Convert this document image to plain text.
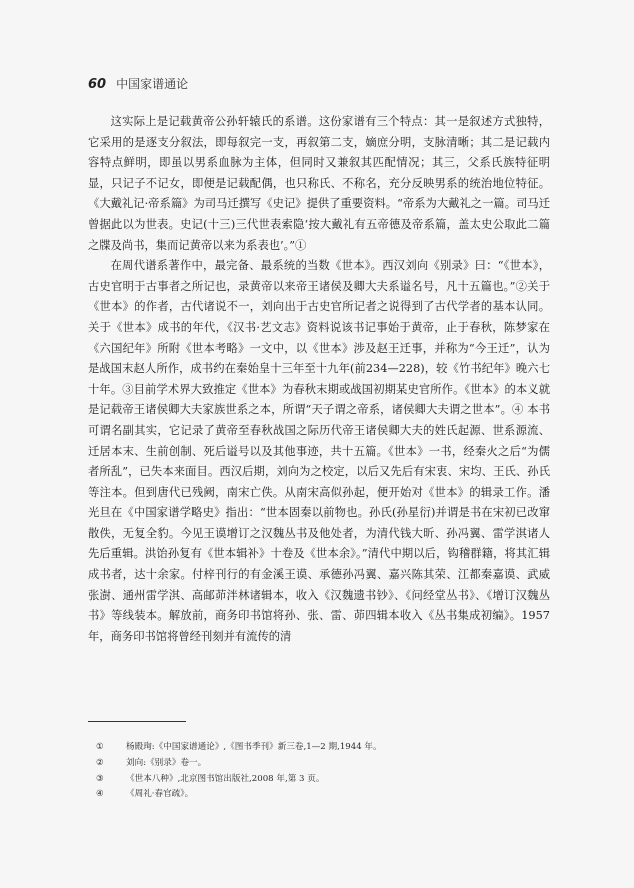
60 中国家谱通论

这实际上是记载黄帝公孙轩辕氏的系谱。这份家谱有三个特点：其一是叙述方式独特，它采用的是逐支分叙法，即每叙完一支，再叙第二支，嫡庶分明，支脉清晰；其二是记载内容特点鲜明，即虽以男系血脉为主体，但同时又兼叙其匹配情况；其三，父系氏族特征明显，只记子不记女，即便是记载配偶，也只称氏、不称名，充分反映男系的统治地位特征。《大戴礼记·帝系篇》为司马迁撰写《史记》提供了重要资料。“帝系为大戴礼之一篇。司马迁曾据此以为世表。史记(十三)三代世表索隐‘按大戴礼有五帝德及帝系篇，盖太史公取此二篇之牒及尚书，集而记黄帝以来为系表也’。”①

在周代谱系著作中，最完备、最系统的当数《世本》。西汉刘向《别录》曰：“《世本》，古史官明于古事者之所记也，录黄帝以来帝王诸侯及卿大夫系谥名号，凡十五篇也。”②关于《世本》的作者，古代诸说不一，刘向出于古史官所记者之说得到了古代学者的基本认同。关于《世本》成书的年代，《汉书·艺文志》资料说该书记事始于黄帝，止于春秋，陈梦家在《六国纪年》所附《世本考略》一文中，以《世本》涉及赵王迁事，并称为“今王迁”，认为是战国末赵人所作，成书约在秦始皇十三年至十九年(前234—228)，较《竹书纪年》晚六七十年。③目前学术界大致推定《世本》为春秋末期或战国初期某史官所作。《世本》的本义就是记载帝王诸侯卿大夫家族世系之本，所谓“天子谓之帝系，诸侯卿大夫谓之世本”。④ 本书可谓名副其实，它记录了黄帝至春秋战国之际历代帝王诸侯卿大夫的姓氏起源、世系源流、迁居本末、生前创制、死后谥号以及其他事迹，共十五篇。《世本》一书，经秦火之后“为儒者所乱”，已失本来面目。西汉后期，刘向为之校定，以后又先后有宋衷、宋均、王氏、孙氏等注本。但到唐代已残阙，南宋亡佚。从南宋高似孙起，便开始对《世本》的辑录工作。潘光旦在《中国家谱学略史》指出：“世本固秦以前物也。孙氏(孙星衍)并谓是书在宋初已改窜散佚，无复全豹。今见王谟增订之汉魏丛书及他处者，为清代钱大昕、孙冯翼、雷学淇诸人先后重辑。洪饴孙复有《世本辑补》十卷及《世本余》。”清代中期以后，钩稽群籍，将其汇辑成书者，达十余家。付梓刊行的有金溪王谟、承德孙冯翼、嘉兴陈其荣、江都秦嘉谟、武威张澍、通州雷学淇、高邮茆泮林诸辑本，收入《汉魏遗书钞》、《问经堂丛书》、《增订汉魏丛书》等线装本。解放前，商务印书馆将孙、张、雷、茆四辑本收入《丛书集成初编》。1957 年，商务印书馆将曾经刊刻并有流传的清

①	杨殿珣:《中国家谱通论》,《图书季刊》新三卷,1—2 期,1944 年。
②	刘向:《别录》卷一。
③	《世本八种》,北京图书馆出版社,2008 年,第 3 页。
④	《周礼·春官疏》。
